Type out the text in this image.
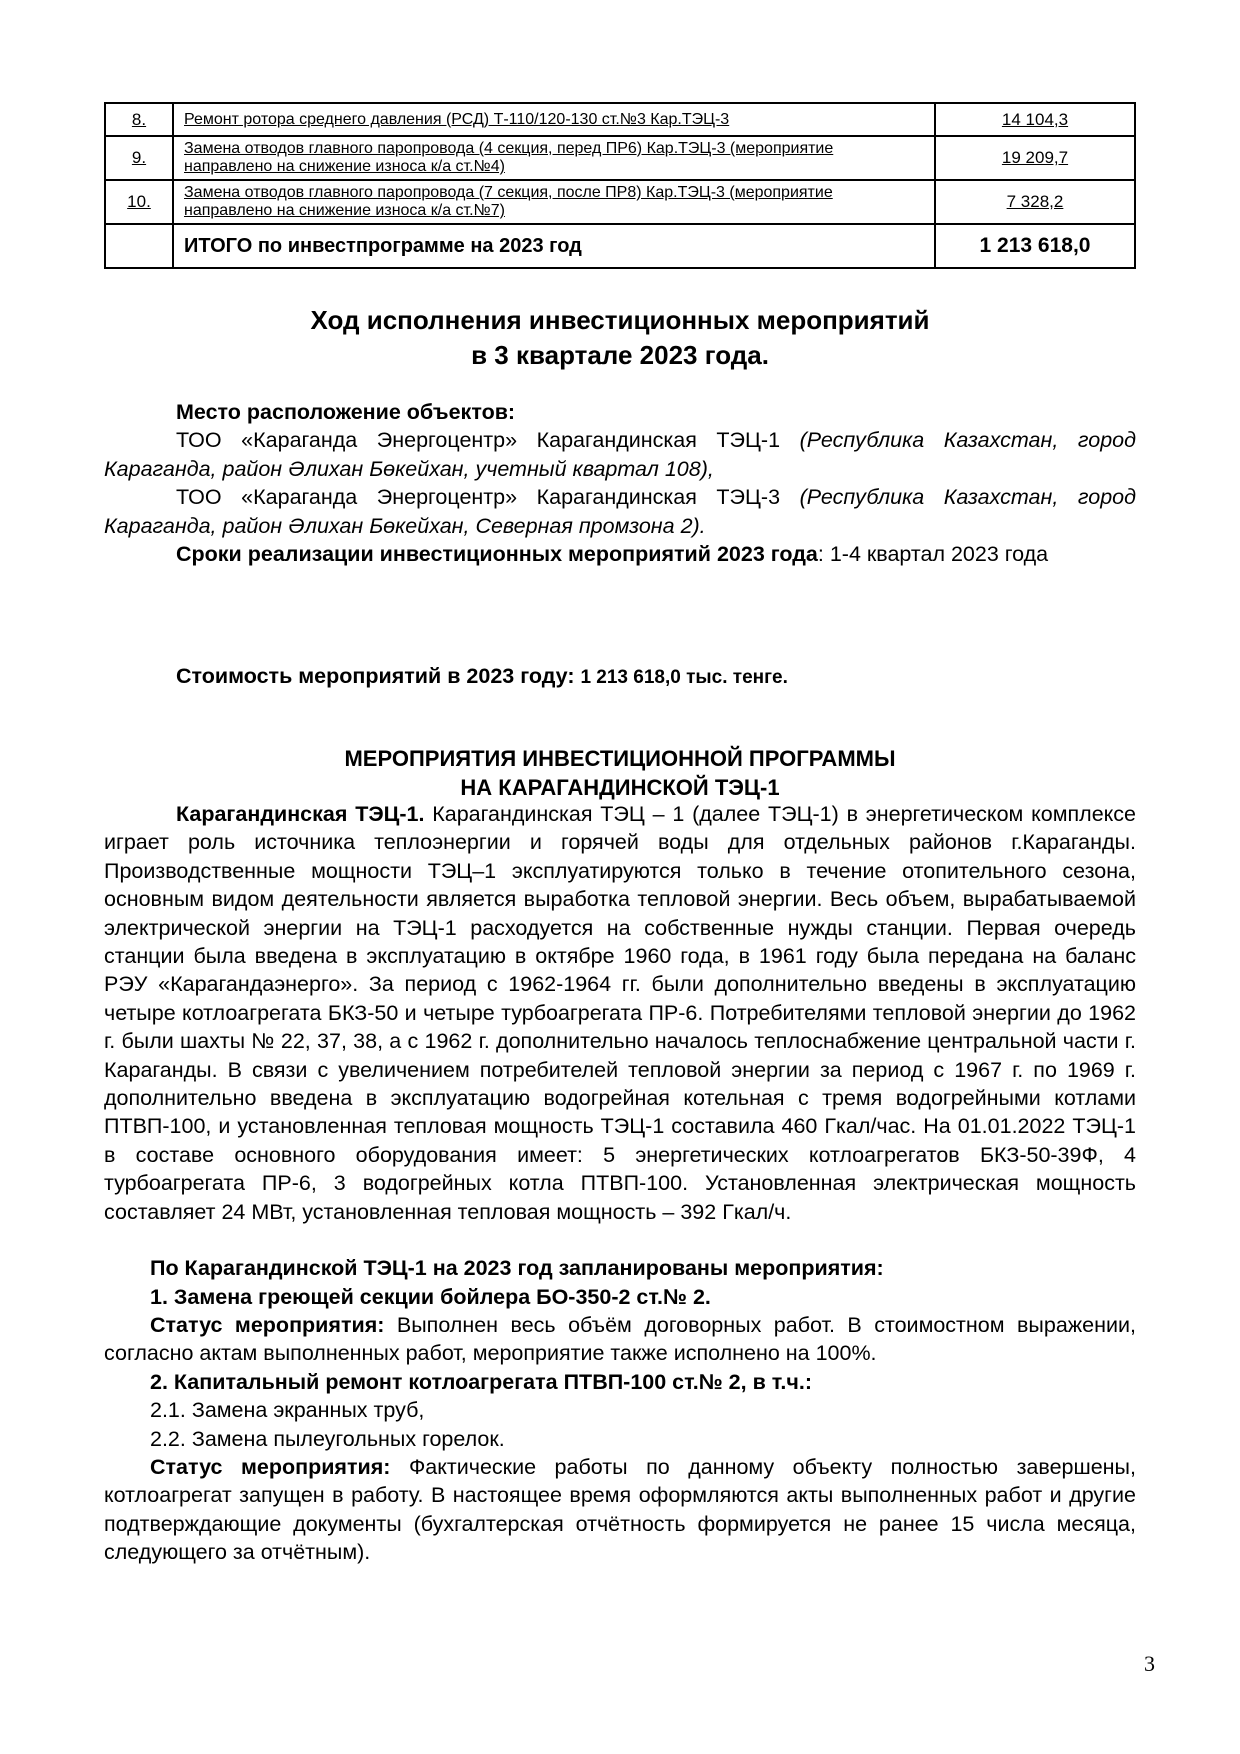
8.	Ремонт ротора среднего давления (РСД) Т-110/120-130 ст.№3 Кар.ТЭЦ-3	14 104,3
9.	Замена отводов главного паропровода (4 секция, перед ПР6) Кар.ТЭЦ-3 (мероприятие направлено на снижение износа к/а ст.№4)	19 209,7
10.	Замена отводов главного паропровода (7 секция, после ПР8) Кар.ТЭЦ-3 (мероприятие направлено на снижение износа к/а ст.№7)	7 328,2
	ИТОГО по инвестпрограмме на 2023 год	1 213 618,0
Ход исполнения инвестиционных мероприятий
в 3 квартале 2023 года.
Место расположение объектов:
ТОО «Караганда Энергоцентр» Карагандинская ТЭЦ-1 (Республика Казахстан, город Караганда, район Әлихан Бөкейхан, учетный квартал 108),
ТОО «Караганда Энергоцентр» Карагандинская ТЭЦ-3 (Республика Казахстан, город Караганда, район Әлихан Бөкейхан, Северная промзона 2).
Сроки реализации инвестиционных мероприятий 2023 года: 1-4 квартал 2023 года
Стоимость мероприятий в 2023 году: 1 213 618,0 тыс. тенге.
МЕРОПРИЯТИЯ ИНВЕСТИЦИОННОЙ ПРОГРАММЫ
НА КАРАГАНДИНСКОЙ ТЭЦ-1
Карагандинская ТЭЦ-1. Карагандинская ТЭЦ – 1 (далее ТЭЦ-1) в энергетическом комплексе играет роль источника теплоэнергии и горячей воды для отдельных районов г.Караганды. Производственные мощности ТЭЦ–1 эксплуатируются только в течение отопительного сезона, основным видом деятельности является выработка тепловой энергии. Весь объем, вырабатываемой электрической энергии на ТЭЦ-1 расходуется на собственные нужды станции. Первая очередь станции была введена в эксплуатацию в октябре 1960 года, в 1961 году была передана на баланс РЭУ «Карагандаэнерго». За период с 1962-1964 гг. были дополнительно введены в эксплуатацию четыре котлоагрегата БКЗ-50 и четыре турбоагрегата ПР-6. Потребителями тепловой энергии до 1962 г. были шахты № 22, 37, 38, а с 1962 г. дополнительно началось теплоснабжение центральной части г. Караганды. В связи с увеличением потребителей тепловой энергии за период с 1967 г. по 1969 г. дополнительно введена в эксплуатацию водогрейная котельная с тремя водогрейными котлами ПТВП-100, и установленная тепловая мощность ТЭЦ-1 составила 460 Гкал/час. На 01.01.2022 ТЭЦ-1 в составе основного оборудования имеет: 5 энергетических котлоагрегатов БКЗ-50-39Ф, 4 турбоагрегата ПР-6, 3 водогрейных котла ПТВП-100. Установленная электрическая мощность составляет 24 МВт, установленная тепловая мощность – 392 Гкал/ч.
По Карагандинской ТЭЦ-1 на 2023 год запланированы мероприятия:
1. Замена греющей секции бойлера БО-350-2 ст.№ 2.
Статус мероприятия: Выполнен весь объём договорных работ. В стоимостном выражении, согласно актам выполненных работ, мероприятие также исполнено на 100%.
2. Капитальный ремонт котлоагрегата ПТВП-100 ст.№ 2, в т.ч.:
2.1. Замена экранных труб,
2.2. Замена пылеугольных горелок.
Статус мероприятия: Фактические работы по данному объекту полностью завершены, котлоагрегат запущен в работу. В настоящее время оформляются акты выполненных работ и другие подтверждающие документы (бухгалтерская отчётность формируется не ранее 15 числа месяца, следующего за отчётным).
3
